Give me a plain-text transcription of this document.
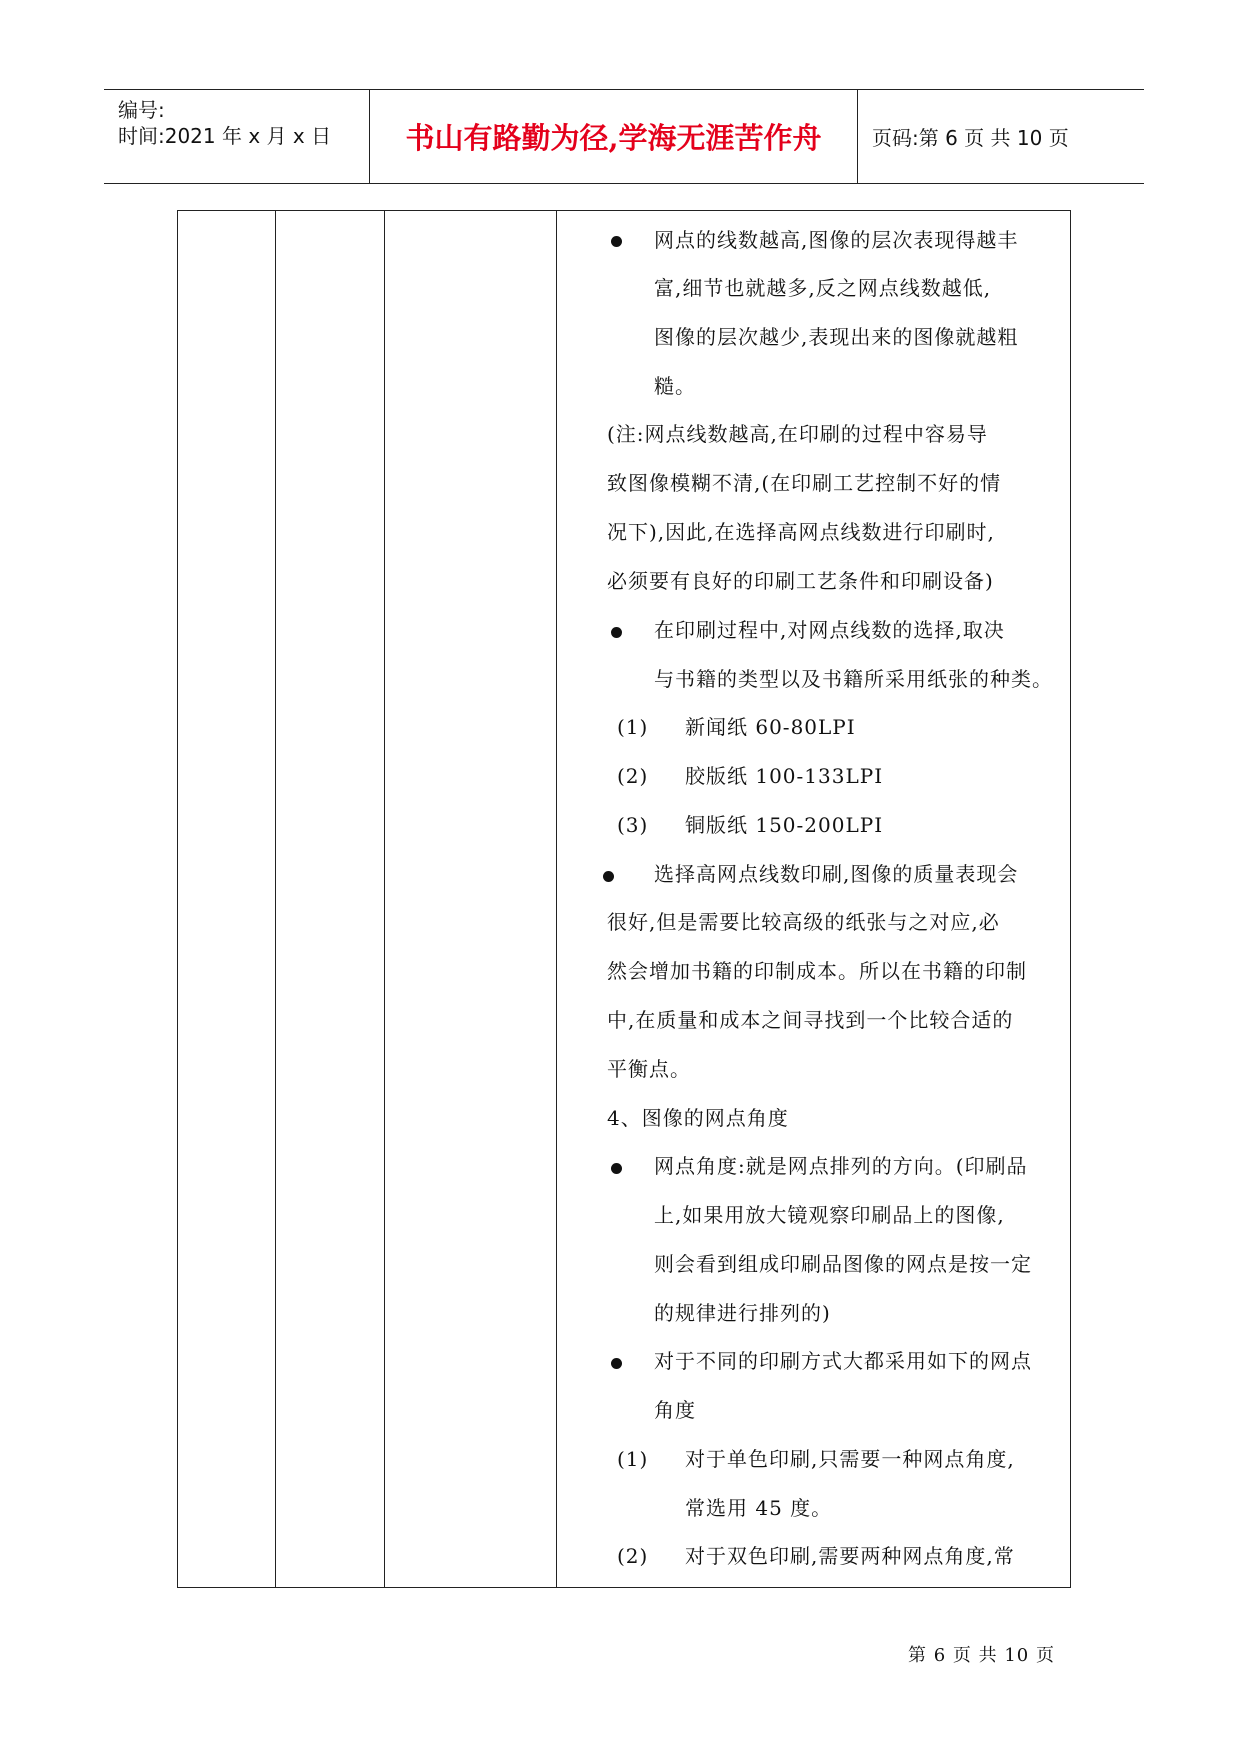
编号:
时间:2021 年 x 月 x 日	书山有路勤为径,学海无涯苦作舟	页码:第 6 页 共 10 页
网点的线数越高,图像的层次表现得越丰
富,细节也就越多,反之网点线数越低,
图像的层次越少,表现出来的图像就越粗
糙。
(注:网点线数越高,在印刷的过程中容易导
致图像模糊不清,(在印刷工艺控制不好的情
况下),因此,在选择高网点线数进行印刷时,
必须要有良好的印刷工艺条件和印刷设备)
在印刷过程中,对网点线数的选择,取决
与书籍的类型以及书籍所采用纸张的种类。
(1) 新闻纸 60-80LPI
(2) 胶版纸 100-133LPI
(3) 铜版纸 150-200LPI
选择高网点线数印刷,图像的质量表现会
很好,但是需要比较高级的纸张与之对应,必
然会增加书籍的印制成本。所以在书籍的印制
中,在质量和成本之间寻找到一个比较合适的
平衡点。
4、图像的网点角度
网点角度:就是网点排列的方向。(印刷品
上,如果用放大镜观察印刷品上的图像,
则会看到组成印刷品图像的网点是按一定
的规律进行排列的)
对于不同的印刷方式大都采用如下的网点
角度
(1) 对于单色印刷,只需要一种网点角度,
常选用 45 度。
(2) 对于双色印刷,需要两种网点角度,常
第 6 页 共 10 页
